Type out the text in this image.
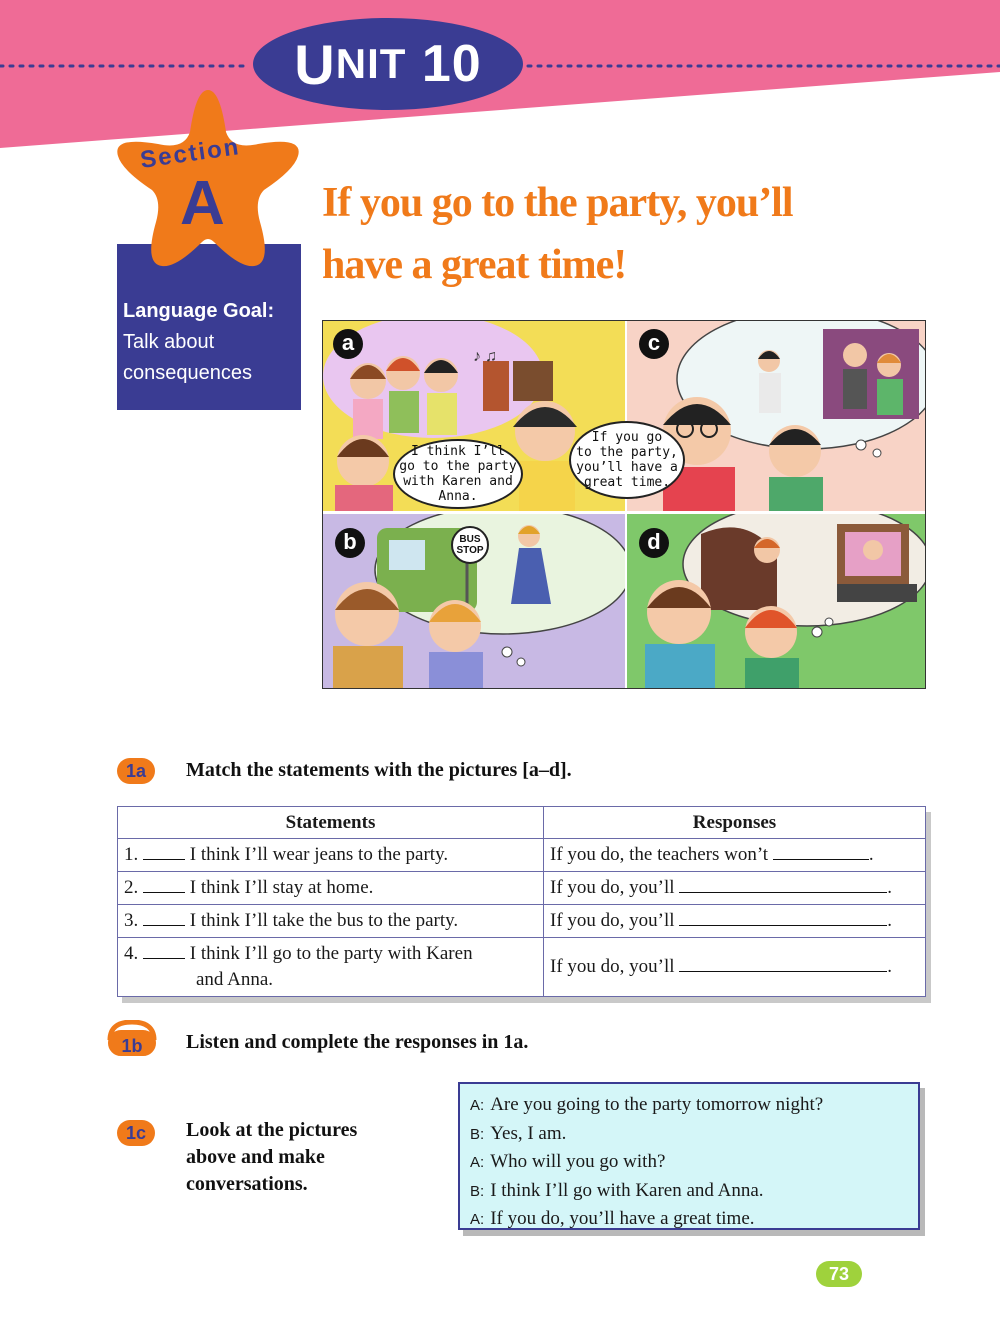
U NIT
10
Language Goal:
Talk about
consequences
Section
A If you go to the party, you’ll
have a great time!
♪ ♫
a
I think I’ll
go to the party
with Karen and
Anna.
c
If you go
to the party,
you’ll have a
great time.
b	BUS
STOP	d
1a	Match the statements with the pictures [a–d].
Statements	Responses
1. I think I’ll wear jeans to the party.	If you do, the teachers won’t .
2. I think I’ll stay at home.	If you do, you’ll .
3. I think I’ll take the bus to the party.	If you do, you’ll .
4. I think I’ll go to the party with Karen
and Anna.	If you do, you’ll .
1b	Listen and complete the responses in 1a.
1c	Look at the pictures
above and make
conversations.
A: Are you going to the party tomorrow night?
B: Yes, I am.
A: Who will you go with?
B: I think I’ll go with Karen and Anna.
A: If you do, you’ll have a great time.
73
